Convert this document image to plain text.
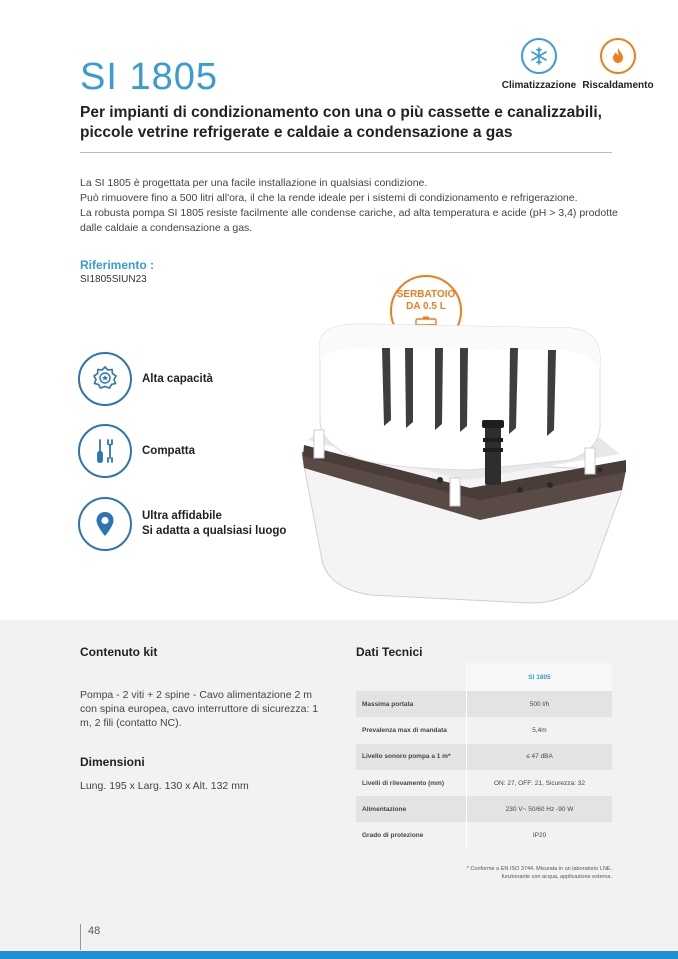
SI 1805
Per impianti di condizionamento con una o più cassette e canalizzabili, piccole vetrine refrigerate e caldaie a condensazione a gas
Climatizzazione Riscaldamento

La SI 1805 è progettata per una facile installazione in qualsiasi condizione.

Può rimuovere fino a 500 litri all'ora, il che la rende ideale per i sistemi di condizionamento e refrigerazione.

La robusta pompa SI 1805 resiste facilmente alle condense cariche, ad alta temperatura e acide (pH > 3,4) prodotte dalle caldaie a condensazione a gas.

Riferimento :
SI1805SIUN23
Alta capacità
Compatta
Ultra affidabile
Si adatta a qualsiasi luogo
SERBATOIO
DA 0.5 L
Contenuto kit
Pompa - 2 viti + 2 spine - Cavo alimentazione 2 m con spina europea, cavo interruttore di sicurezza: 1 m, 2 fili (contatto NC).
Dimensioni
Lung. 195 x Larg. 130 x Alt. 132 mm
Dati Tecnici
	SI 1805
Massima portata	500 l/h
Prevalenza max di mandata	5,4m
Livello sonoro pompa a 1 m*	≤ 47 dBA
Livelli di rilevamento (mm)	ON: 27, OFF: 21, Sicurezza: 32
Alimentazione	230 V~ 50/60 Hz -90 W
Grado di protezione	IP20
* Conforme a EN ISO 3744. Misurata in un laboratorio LNE,
funzionante con acqua, applicazione esterna.
48
